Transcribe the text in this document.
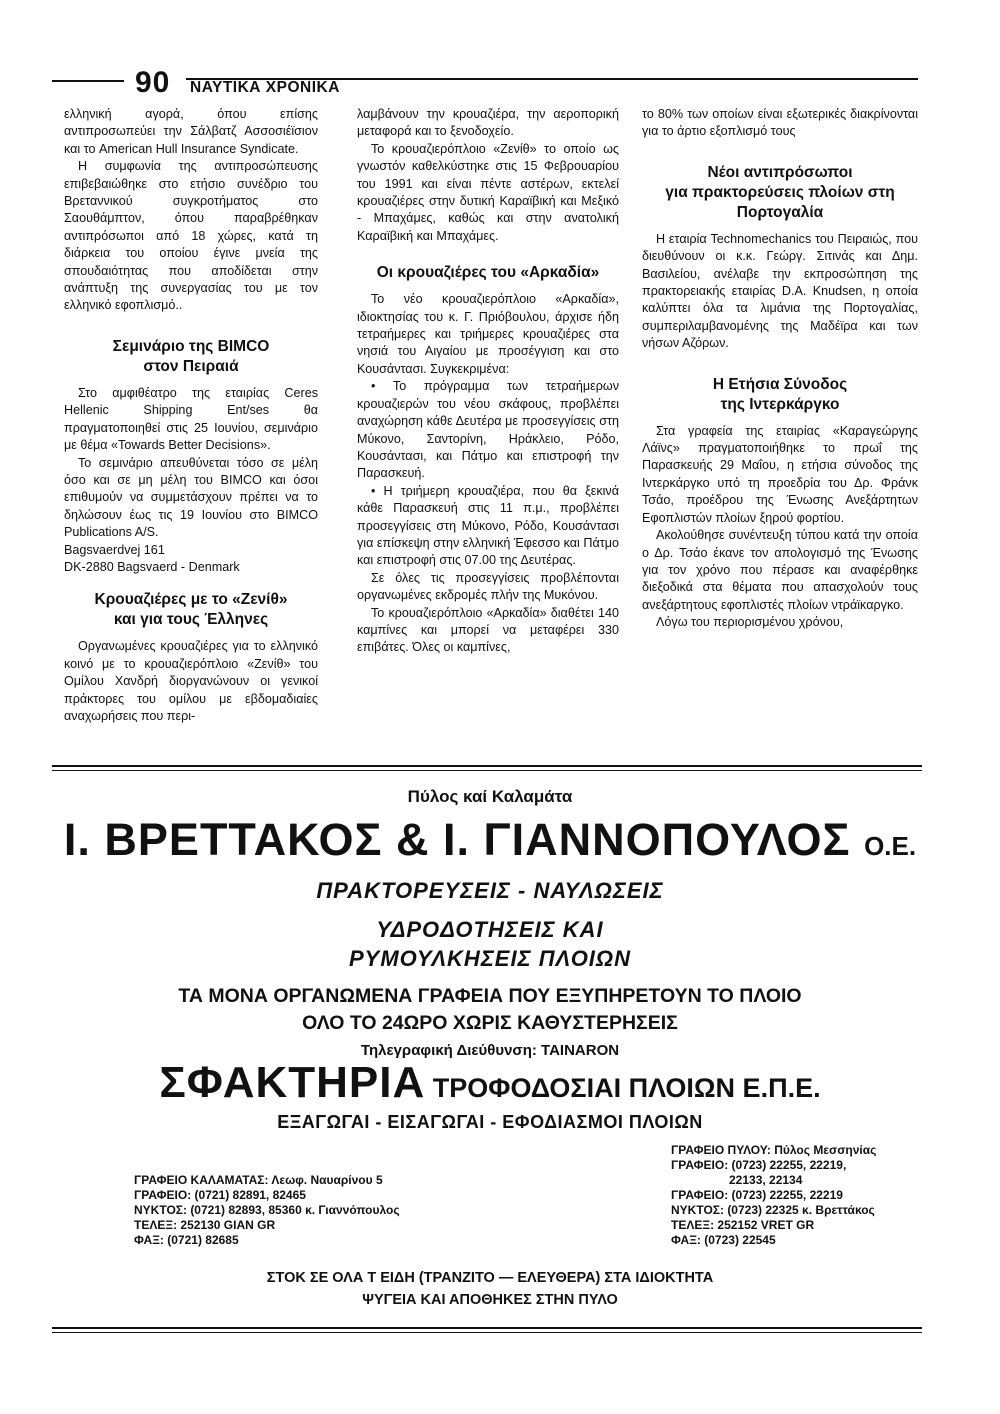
90 ΝΑΥΤΙΚΑ ΧΡΟΝΙΚΑ

ελληνική αγορά, όπου επίσης αντιπροσωπεύει την Σάλβατζ Ασσοσιέϊσιον και το American Hull Insurance Syndicate.

Η συμφωνία της αντιπροσώπευσης επιβεβαιώθηκε στο ετήσιο συνέδριο του Βρεταννικού συγκροτήματος στο Σαουθάμπτον, όπου παραβρέθηκαν αντιπρόσωποι από 18 χώρες, κατά τη διάρκεια του οποίου έγινε μνεία της σπουδαιότητας που αποδίδεται στην ανάπτυξη της συνεργασίας του με τον ελληνικό εφοπλισμό..

Σεμινάριο της BIMCO
στον Πειραιά

Στο αμφιθέατρο της εταιρίας Ceres Hellenic Shipping Ent/ses θα πραγματοποιηθεί στις 25 Ιουνίου, σεμινάριο με θέμα «Towards Better Decisions».

Το σεμινάριο απευθύνεται τόσο σε μέλη όσο και σε μη μέλη του BIMCO και όσοι επιθυμούν να συμμετάσχουν πρέπει να το δηλώσουν έως τις 19 Ιουνίου στο BIMCO Publications A/S.

Bagsvaerdvej 161

DK-2880 Bagsvaerd - Denmark

Κρουαζιέρες με το «Ζενίθ»
και για τους Έλληνες

Οργανωμένες κρουαζιέρες για το ελληνικό κοινό με το κρουαζιερόπλοιο «Ζενίθ» του Ομίλου Χανδρή διοργανώνουν οι γενικοί πράκτορες του ομίλου με εβδομαδιαίες αναχωρήσεις που περι-

λαμβάνουν την κρουαζιέρα, την αεροπορική μεταφορά και το ξενοδοχείο.

Το κρουαζιερόπλοιο «Ζενίθ» το οποίο ως γνωστόν καθελκύστηκε στις 15 Φεβρουαρίου του 1991 και είναι πέντε αστέρων, εκτελεί κρουαζιέρες στην δυτική Καραϊβική και Μεξικό - Μπαχάμες, καθώς και στην ανατολική Καραϊβική και Μπαχάμες.

Οι κρουαζιέρες του «Αρκαδία»

Το νέο κρουαζιερόπλοιο «Αρκαδία», ιδιοκτησίας του κ. Γ. Πριόβουλου, άρχισε ήδη τετραήμερες και τριήμερες κρουαζιέρες στα νησιά του Αιγαίου με προσέγγιση και στο Κουσάντασι. Συγκεκριμένα:

• Το πρόγραμμα των τετραήμερων κρουαζιερών του νέου σκάφους, προβλέπει αναχώρηση κάθε Δευτέρα με προσεγγίσεις στη Μύκονο, Σαντορίνη, Ηράκλειο, Ρόδο, Κουσάντασι, και Πάτμο και επιστροφή την Παρασκευή.

• Η τριήμερη κρουαζιέρα, που θα ξεκινά κάθε Παρασκευή στις 11 π.μ., προβλέπει προσεγγίσεις στη Μύκονο, Ρόδο, Κουσάντασι για επίσκεψη στην ελληνική Έφεσσο και Πάτμο και επιστροφή στις 07.00 της Δευτέρας.

Σε όλες τις προσεγγίσεις προβλέπονται οργανωμένες εκδρομές πλήν της Μυκόνου.

Το κρουαζιερόπλοιο «Αρκαδία» διαθέτει 140 καμπίνες και μπορεί να μεταφέρει 330 επιβάτες. Όλες οι καμπίνες,

το 80% των οποίων είναι εξωτερικές διακρίνονται για το άρτιο εξοπλισμό τους

Νέοι αντιπρόσωποι
για πρακτορεύσεις πλοίων στη
Πορτογαλία

Η εταιρία Technomechanics του Πειραιώς, που διευθύνουν οι κ.κ. Γεώργ. Σιτινάς και Δημ. Βασιλείου, ανέλαβε την εκπροσώπηση της πρακτορειακής εταιρίας D.A. Knudsen, η οποία καλύπτει όλα τα λιμάνια της Πορτογαλίας, συμπεριλαμβανομένης της Μαδέϊρα και των νήσων Αζόρων.

Η Ετήσια Σύνοδος
της Ιντερκάργκο

Στα γραφεία της εταιρίας «Καραγεώργης Λάϊνς» πραγματοποιήθηκε το πρωΐ της Παρασκευής 29 Μαΐου, η ετήσια σύνοδος της Ιντερκάργκο υπό τη προεδρία του Δρ. Φράνκ Τσάο, προέδρου της Ένωσης Ανεξάρτητων Εφοπλιστών πλοίων ξηρού φορτίου.

Ακολούθησε συνέντευξη τύπου κατά την οποία ο Δρ. Τσάο έκανε τον απολογισμό της Ένωσης για τον χρόνο που πέρασε και αναφέρθηκε διεξοδικά στα θέματα που απασχολούν τους ανεξάρτητους εφοπλιστές πλοίων ντράϊκαργκο.

Λόγω του περιορισμένου χρόνου,

Πύλος καί Καλαμάτα
Ι. ΒΡΕΤΤΑΚΟΣ & Ι. ΓΙΑΝΝΟΠΟΥΛΟΣ Ο.Ε.
ΠΡΑΚΤΟΡΕΥΣΕΙΣ - ΝΑΥΛΩΣΕΙΣ
ΥΔΡΟΔΟΤΗΣΕΙΣ ΚΑΙ
ΡΥΜΟΥΛΚΗΣΕΙΣ ΠΛΟΙΩΝ
ΤΑ ΜΟΝΑ ΟΡΓΑΝΩΜΕΝΑ ΓΡΑΦΕΙΑ ΠΟΥ ΕΞΥΠΗΡΕΤΟΥΝ ΤΟ ΠΛΟΙΟ
ΟΛΟ ΤΟ 24ΩΡΟ ΧΩΡΙΣ ΚΑΘΥΣΤΕΡΗΣΕΙΣ
Τηλεγραφική Διεύθυνση: TAINARON
ΣΦΑΚΤΗΡΙΑ ΤΡΟΦΟΔΟΣΙΑΙ ΠΛΟΙΩΝ Ε.Π.Ε.
ΕΞΑΓΩΓΑΙ - ΕΙΣΑΓΩΓΑΙ - ΕΦΟΔΙΑΣΜΟΙ ΠΛΟΙΩΝ
ΓΡΑΦΕΙΟ ΚΑΛΑΜΑΤΑΣ: Λεωφ. Ναυαρίνου 5
ΓΡΑΦΕΙΟ: (0721) 82891, 82465
ΝΥΚΤΟΣ: (0721) 82893, 85360 κ. Γιαννόπουλος
ΤΕΛΕΞ: 252130 GIAN GR
ΦΑΞ: (0721) 82685
ΓΡΑΦΕΙΟ ΠΥΛΟΥ: Πύλος Μεσσηνίας
ΓΡΑΦΕΙΟ: (0723) 22255, 22219,
22133, 22134
ΓΡΑΦΕΙΟ: (0723) 22255, 22219
ΝΥΚΤΟΣ: (0723) 22325 κ. Βρεττάκος
ΤΕΛΕΞ: 252152 VRET GR
ΦΑΞ: (0723) 22545
ΣΤΟΚ ΣΕ ΟΛΑ Τ ΕΙΔΗ (ΤΡΑΝΖΙΤΟ — ΕΛΕΥΘΕΡΑ) ΣΤΑ ΙΔΙΟΚΤΗΤΑ
ΨΥΓΕΙΑ ΚΑΙ ΑΠΟΘΗΚΕΣ ΣΤΗΝ ΠΥΛΟ
